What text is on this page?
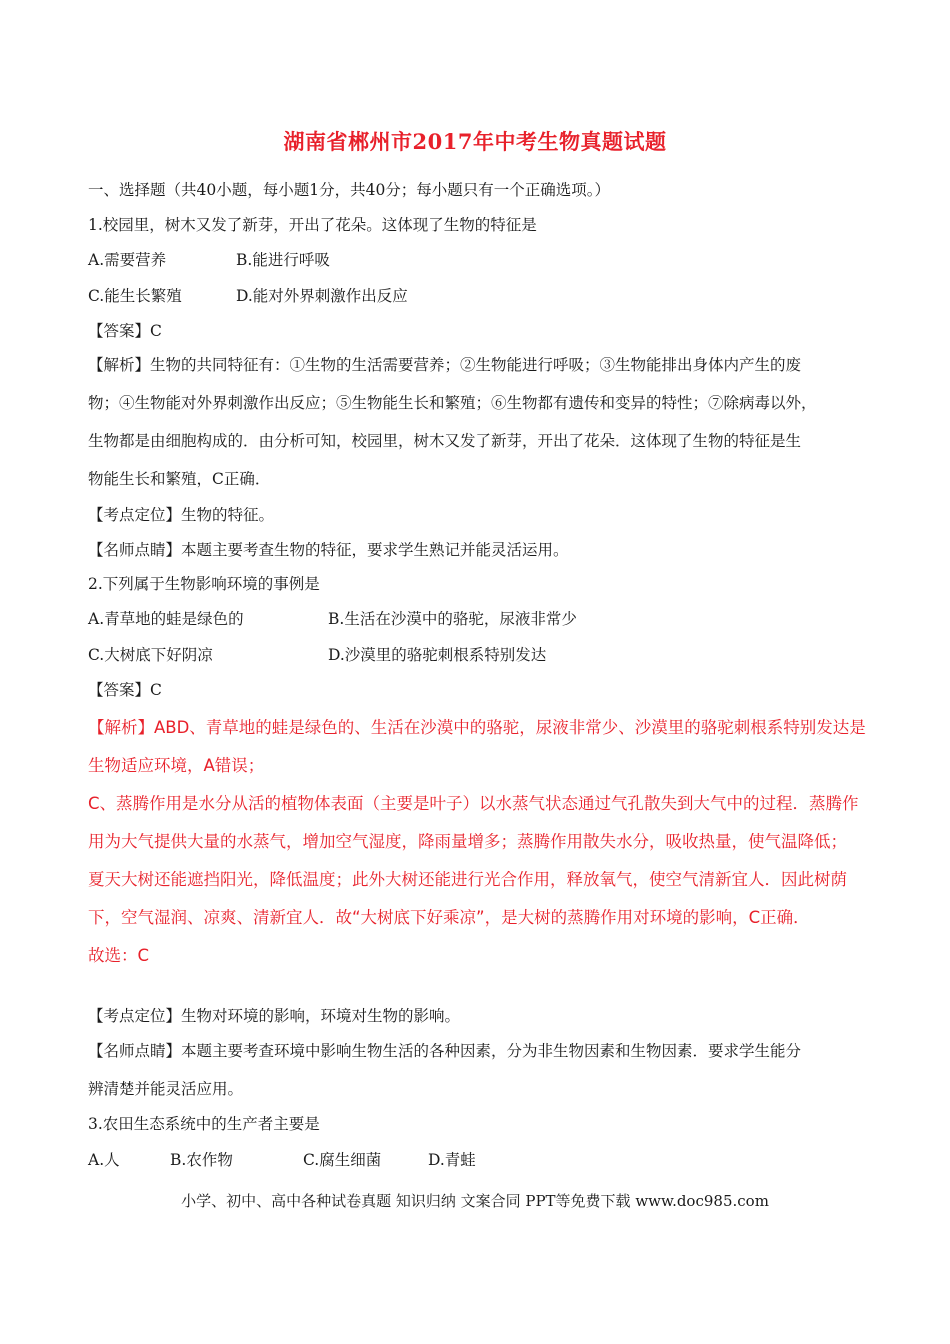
湖南省郴州市2017年中考生物真题试题
一、选择题（共40小题，每小题1分，共40分；每小题只有一个正确选项。）
1.校园里，树木又发了新芽，开出了花朵。这体现了生物的特征是
A.需要营养	B.能进行呼吸
C.能生长繁殖	D.能对外界刺激作出反应
【答案】C
【解析】生物的共同特征有：①生物的生活需要营养；②生物能进行呼吸；③生物能排出身体内产生的废
物；④生物能对外界刺激作出反应；⑤生物能生长和繁殖；⑥生物都有遗传和变异的特性；⑦除病毒以外，
生物都是由细胞构成的．由分析可知，校园里，树木又发了新芽，开出了花朵．这体现了生物的特征是生
物能生长和繁殖，C正确．
【考点定位】生物的特征。
【名师点睛】本题主要考查生物的特征，要求学生熟记并能灵活运用。
2.下列属于生物影响环境的事例是
A.青草地的蛙是绿色的	B.生活在沙漠中的骆驼，尿液非常少
C.大树底下好阴凉	D.沙漠里的骆驼刺根系特别发达
【答案】C
【解析】ABD、青草地的蛙是绿色的、生活在沙漠中的骆驼，尿液非常少、沙漠里的骆驼刺根系特别发达是
生物适应环境，A错误；
C、蒸腾作用是水分从活的植物体表面（主要是叶子）以水蒸气状态通过气孔散失到大气中的过程．蒸腾作
用为大气提供大量的水蒸气，增加空气湿度，降雨量增多；蒸腾作用散失水分，吸收热量，使气温降低；
夏天大树还能遮挡阳光，降低温度；此外大树还能进行光合作用，释放氧气，使空气清新宜人．因此树荫
下，空气湿润、凉爽、清新宜人．故“大树底下好乘凉”，是大树的蒸腾作用对环境的影响，C正确．
故选：C
【考点定位】生物对环境的影响，环境对生物的影响。
【名师点睛】本题主要考查环境中影响生物生活的各种因素，分为非生物因素和生物因素．要求学生能分
辨清楚并能灵活应用。
3.农田生态系统中的生产者主要是
A.人	B.农作物	C.腐生细菌	D.青蛙
小学、初中、高中各种试卷真题 知识归纳 文案合同 PPT等免费下载 www.doc985.com
